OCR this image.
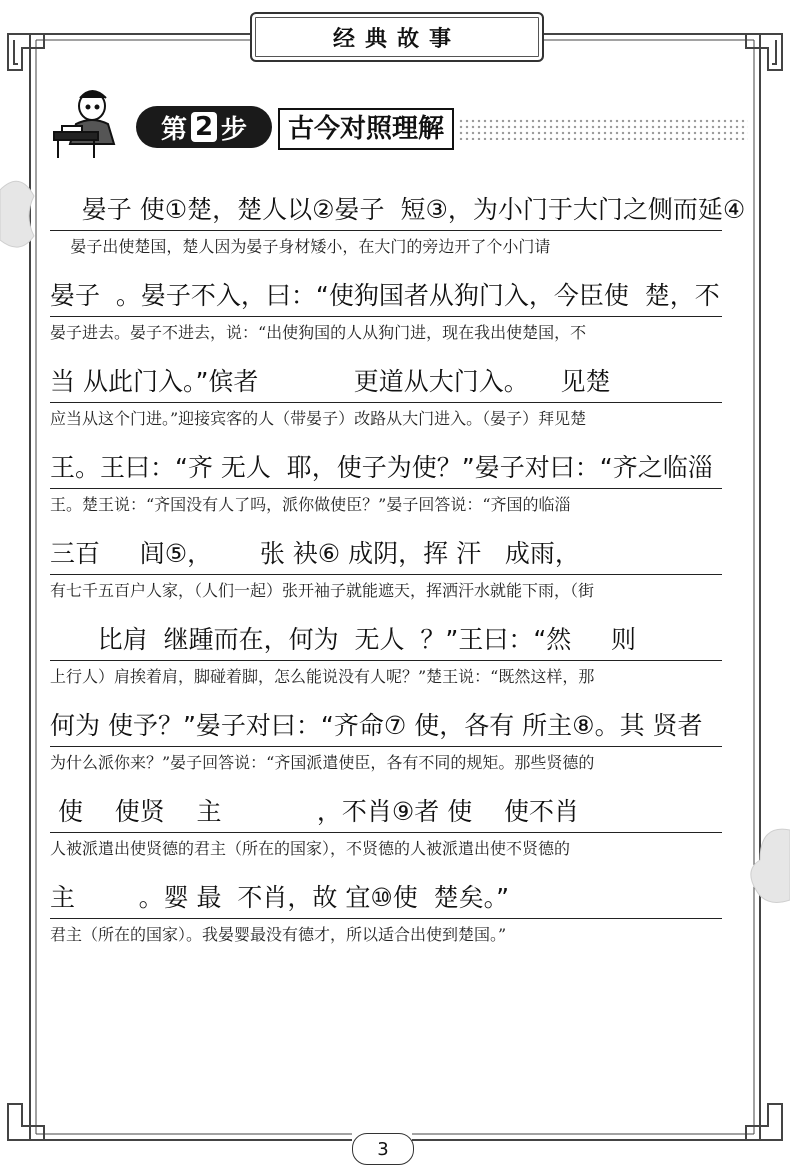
经典故事
第 2 步	古今对照理解
晏子 使①楚，楚人以②晏子  短③，为小门于大门之侧而延④
晏子出使楚国，楚人因为晏子身材矮小，在大门的旁边开了个小门请
晏子  。晏子不入，曰：“使狗国者从狗门入，今臣使  楚，不
晏子进去。晏子不进去，说：“出使狗国的人从狗门进，现在我出使楚国，不
当 从此门入。”傧者            更道从大门入。    见楚
应当从这个门进。”迎接宾客的人（带晏子）改路从大门进入。（晏子）拜见楚
王。王曰：“齐 无人  耶，使子为使？”晏子对曰：“齐之临淄
王。楚王说：“齐国没有人了吗，派你做使臣？”晏子回答说：“齐国的临淄
三百     闾⑤，      张 袂⑥ 成阴，挥 汗   成雨，
有七千五百户人家，（人们一起）张开袖子就能遮天，挥洒汗水就能下雨，（街
比肩  继踵而在，何为  无人  ？”王曰：“然     则
上行人）肩挨着肩，脚碰着脚，怎么能说没有人呢？”楚王说：“既然这样，那
何为 使予？”晏子对曰：“齐命⑦ 使，各有 所主⑧。其 贤者
为什么派你来？”晏子回答说：“齐国派遣使臣，各有不同的规矩。那些贤德的
使    使贤    主            ，不肖⑨者 使    使不肖
人被派遣出使贤德的君主（所在的国家），不贤德的人被派遣出使不贤德的
主        。婴 最  不肖，故 宜⑩使  楚矣。”
君主（所在的国家）。我晏婴最没有德才，所以适合出使到楚国。”
3
